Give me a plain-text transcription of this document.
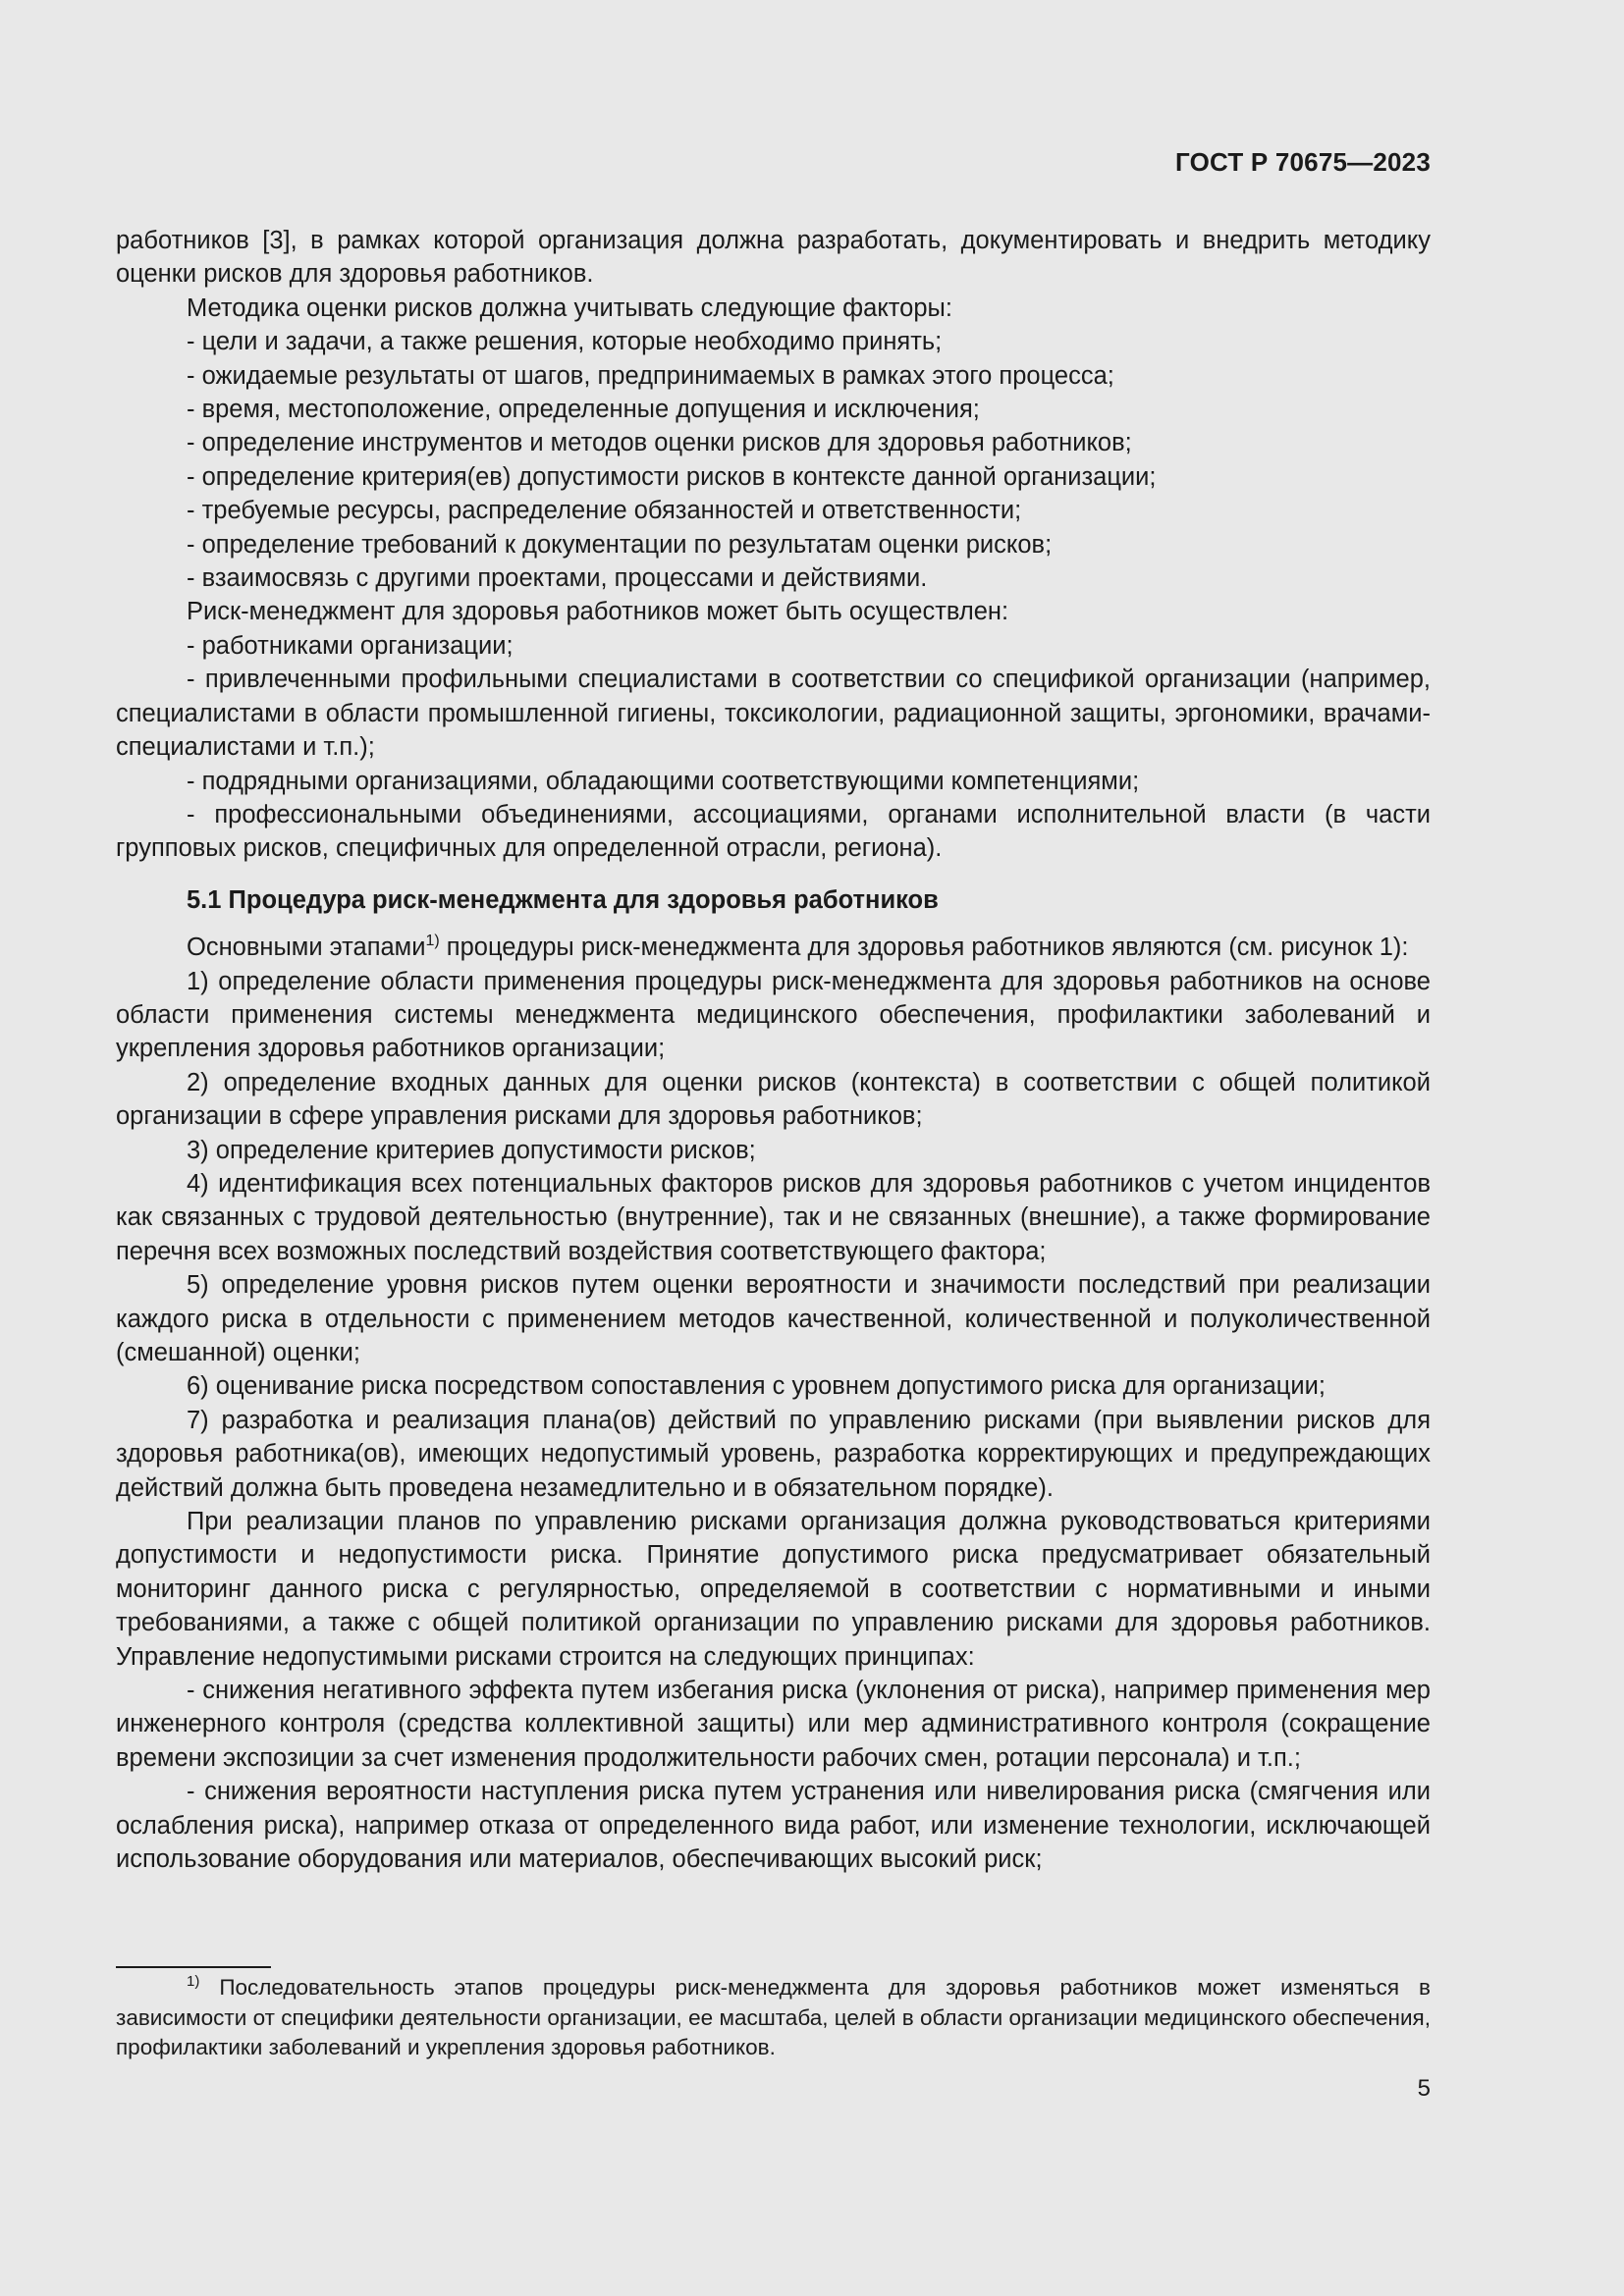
ГОСТ Р 70675—2023

работников [3], в рамках которой организация должна разработать, документировать и внедрить методику оценки рисков для здоровья работников.

Методика оценки рисков должна учитывать следующие факторы:

- цели и задачи, а также решения, которые необходимо принять;

- ожидаемые результаты от шагов, предпринимаемых в рамках этого процесса;

- время, местоположение, определенные допущения и исключения;

- определение инструментов и методов оценки рисков для здоровья работников;

- определение критерия(ев) допустимости рисков в контексте данной организации;

- требуемые ресурсы, распределение обязанностей и ответственности;

- определение требований к документации по результатам оценки рисков;

- взаимосвязь с другими проектами, процессами и действиями.

Риск-менеджмент для здоровья работников может быть осуществлен:

- работниками организации;

- привлеченными профильными специалистами в соответствии со спецификой организации (например, специалистами в области промышленной гигиены, токсикологии, радиационной защиты, эргономики, врачами-специалистами и т.п.);

- подрядными организациями, обладающими соответствующими компетенциями;

- профессиональными объединениями, ассоциациями, органами исполнительной власти (в части групповых рисков, специфичных для определенной отрасли, региона).

5.1 Процедура риск-менеджмента для здоровья работников

Основными этапами$^{1)}$ процедуры риск-менеджмента для здоровья работников являются (см. рисунок 1):

1) определение области применения процедуры риск-менеджмента для здоровья работников на основе области применения системы менеджмента медицинского обеспечения, профилактики заболеваний и укрепления здоровья работников организации;

2) определение входных данных для оценки рисков (контекста) в соответствии с общей политикой организации в сфере управления рисками для здоровья работников;

3) определение критериев допустимости рисков;

4) идентификация всех потенциальных факторов рисков для здоровья работников с учетом инцидентов как связанных с трудовой деятельностью (внутренние), так и не связанных (внешние), а также формирование перечня всех возможных последствий воздействия соответствующего фактора;

5) определение уровня рисков путем оценки вероятности и значимости последствий при реализации каждого риска в отдельности с применением методов качественной, количественной и полуколичественной (смешанной) оценки;

6) оценивание риска посредством сопоставления с уровнем допустимого риска для организации;

7) разработка и реализация плана(ов) действий по управлению рисками (при выявлении рисков для здоровья работника(ов), имеющих недопустимый уровень, разработка корректирующих и предупреждающих действий должна быть проведена незамедлительно и в обязательном порядке).

При реализации планов по управлению рисками организация должна руководствоваться критериями допустимости и недопустимости риска. Принятие допустимого риска предусматривает обязательный мониторинг данного риска с регулярностью, определяемой в соответствии с нормативными и иными требованиями, а также с общей политикой организации по управлению рисками для здоровья работников. Управление недопустимыми рисками строится на следующих принципах:

- снижения негативного эффекта путем избегания риска (уклонения от риска), например применения мер инженерного контроля (средства коллективной защиты) или мер административного контроля (сокращение времени экспозиции за счет изменения продолжительности рабочих смен, ротации персонала) и т.п.;

- снижения вероятности наступления риска путем устранения или нивелирования риска (смягчения или ослабления риска), например отказа от определенного вида работ, или изменение технологии, исключающей использование оборудования или материалов, обеспечивающих высокий риск;

$^{1)}$ Последовательность этапов процедуры риск-менеджмента для здоровья работников может изменяться в зависимости от специфики деятельности организации, ее масштаба, целей в области организации медицинского обеспечения, профилактики заболеваний и укрепления здоровья работников.

5
